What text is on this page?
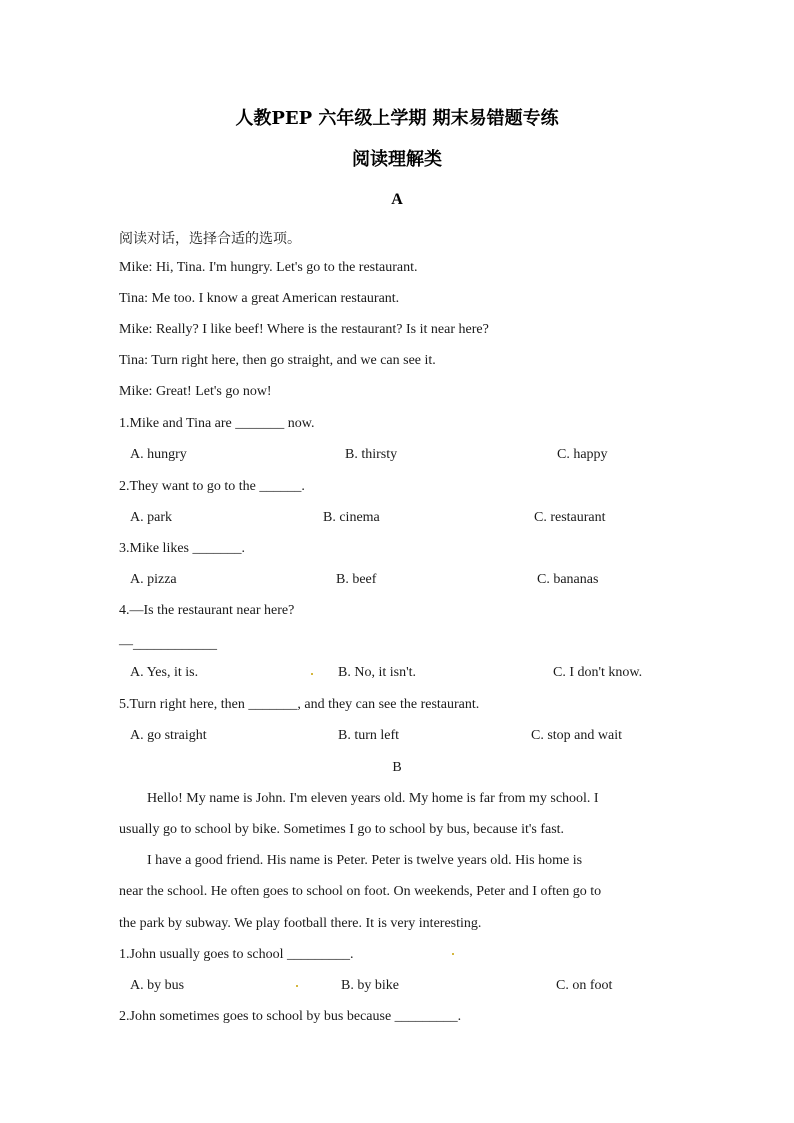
人教PEP 六年级上学期 期末易错题专练
阅读理解类
A
阅读对话，选择合适的选项。
Mike: Hi, Tina. I'm hungry. Let's go to the restaurant.
Tina: Me too. I know a great American restaurant.
Mike: Really? I like beef! Where is the restaurant? Is it near here?
Tina: Turn right here, then go straight, and we can see it.
Mike: Great! Let's go now!
1.Mike and Tina are _______ now.
A. hungry	B. thirsty	C. happy
2.They want to go to the ______.
A. park	B. cinema	C. restaurant
3.Mike likes _______.
A. pizza	B. beef	C. bananas
4.—Is the restaurant near here?
—____________
A. Yes, it is.	B. No, it isn't.	C. I don't know.
5.Turn right here, then _______, and they can see the restaurant.
A. go straight	B. turn left	C. stop and wait
B
Hello! My name is John. I'm eleven years old. My home is far from my school. I
usually go to school by bike. Sometimes I go to school by bus, because it's fast.
I have a good friend. His name is Peter. Peter is twelve years old. His home is
near the school. He often goes to school on foot. On weekends, Peter and I often go to
the park by subway. We play football there. It is very interesting.
1.John usually goes to school _________.
A. by bus	B. by bike	C. on foot
2.John sometimes goes to school by bus because _________.
